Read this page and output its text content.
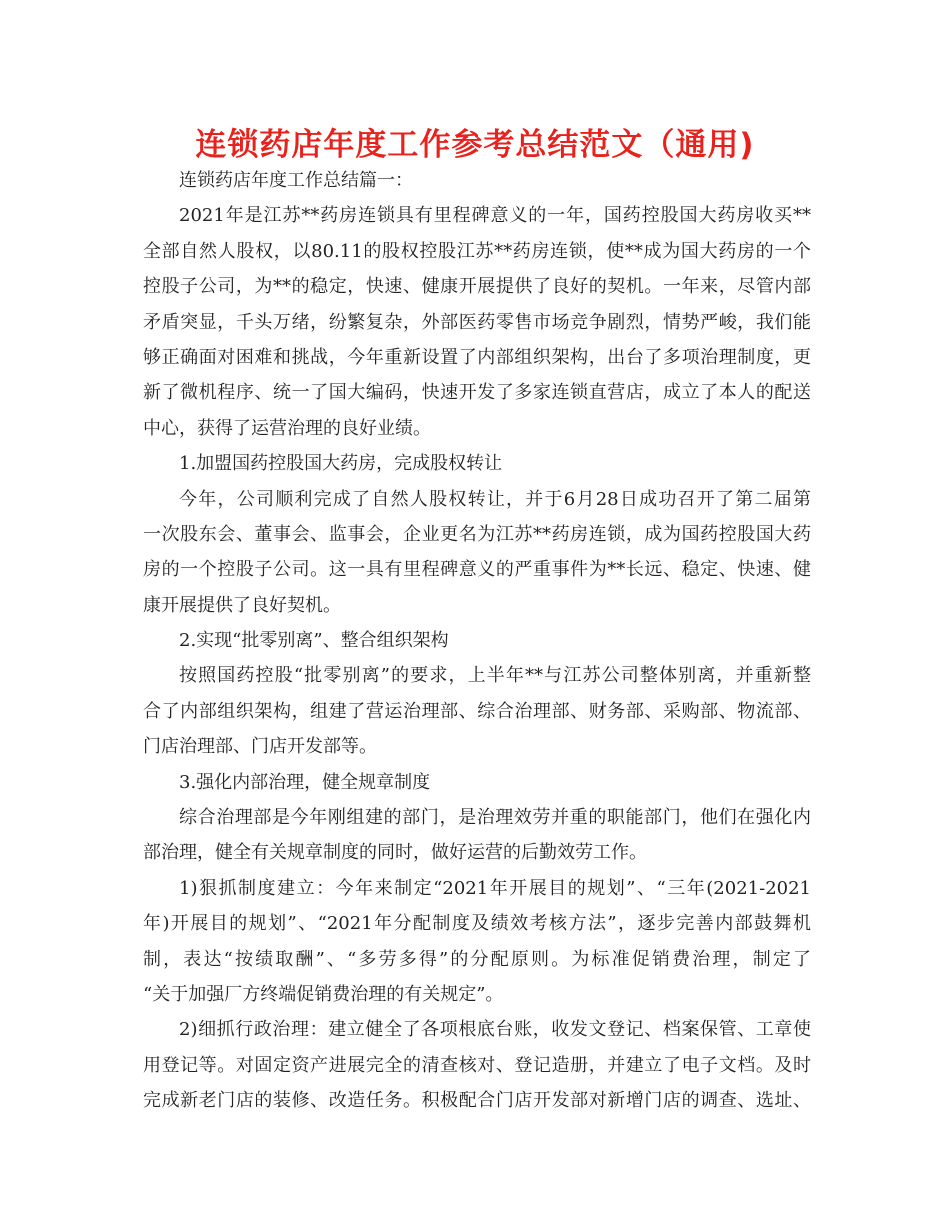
连锁药店年度工作参考总结范文（通用)
连锁药店年度工作总结篇一：
2021年是江苏**药房连锁具有里程碑意义的一年，国药控股国大药房收买**
全部自然人股权，以80.11的股权控股江苏**药房连锁，使**成为国大药房的一个
控股子公司，为**的稳定，快速、健康开展提供了良好的契机。一年来，尽管内部
矛盾突显，千头万绪，纷繁复杂，外部医药零售市场竞争剧烈，情势严峻，我们能
够正确面对困难和挑战，今年重新设置了内部组织架构，出台了多项治理制度，更
新了微机程序、统一了国大编码，快速开发了多家连锁直营店，成立了本人的配送
中心，获得了运营治理的良好业绩。
1.加盟国药控股国大药房，完成股权转让
今年，公司顺利完成了自然人股权转让，并于6月28日成功召开了第二届第
一次股东会、董事会、监事会，企业更名为江苏**药房连锁，成为国药控股国大药
房的一个控股子公司。这一具有里程碑意义的严重事件为**长远、稳定、快速、健
康开展提供了良好契机。
2.实现“批零别离”、整合组织架构
按照国药控股“批零别离”的要求，上半年**与江苏公司整体别离，并重新整
合了内部组织架构，组建了营运治理部、综合治理部、财务部、采购部、物流部、
门店治理部、门店开发部等。
3.强化内部治理，健全规章制度
综合治理部是今年刚组建的部门，是治理效劳并重的职能部门，他们在强化内
部治理，健全有关规章制度的同时，做好运营的后勤效劳工作。
1)狠抓制度建立：今年来制定“2021年开展目的规划”、“三年(2021-2021
年)开展目的规划”、“2021年分配制度及绩效考核方法”，逐步完善内部鼓舞机
制，表达“按绩取酬”、“多劳多得”的分配原则。为标准促销费治理，制定了
“关于加强厂方终端促销费治理的有关规定”。
2)细抓行政治理：建立健全了各项根底台账，收发文登记、档案保管、工章使
用登记等。对固定资产进展完全的清查核对、登记造册，并建立了电子文档。及时
完成新老门店的装修、改造任务。积极配合门店开发部对新增门店的调查、选址、
